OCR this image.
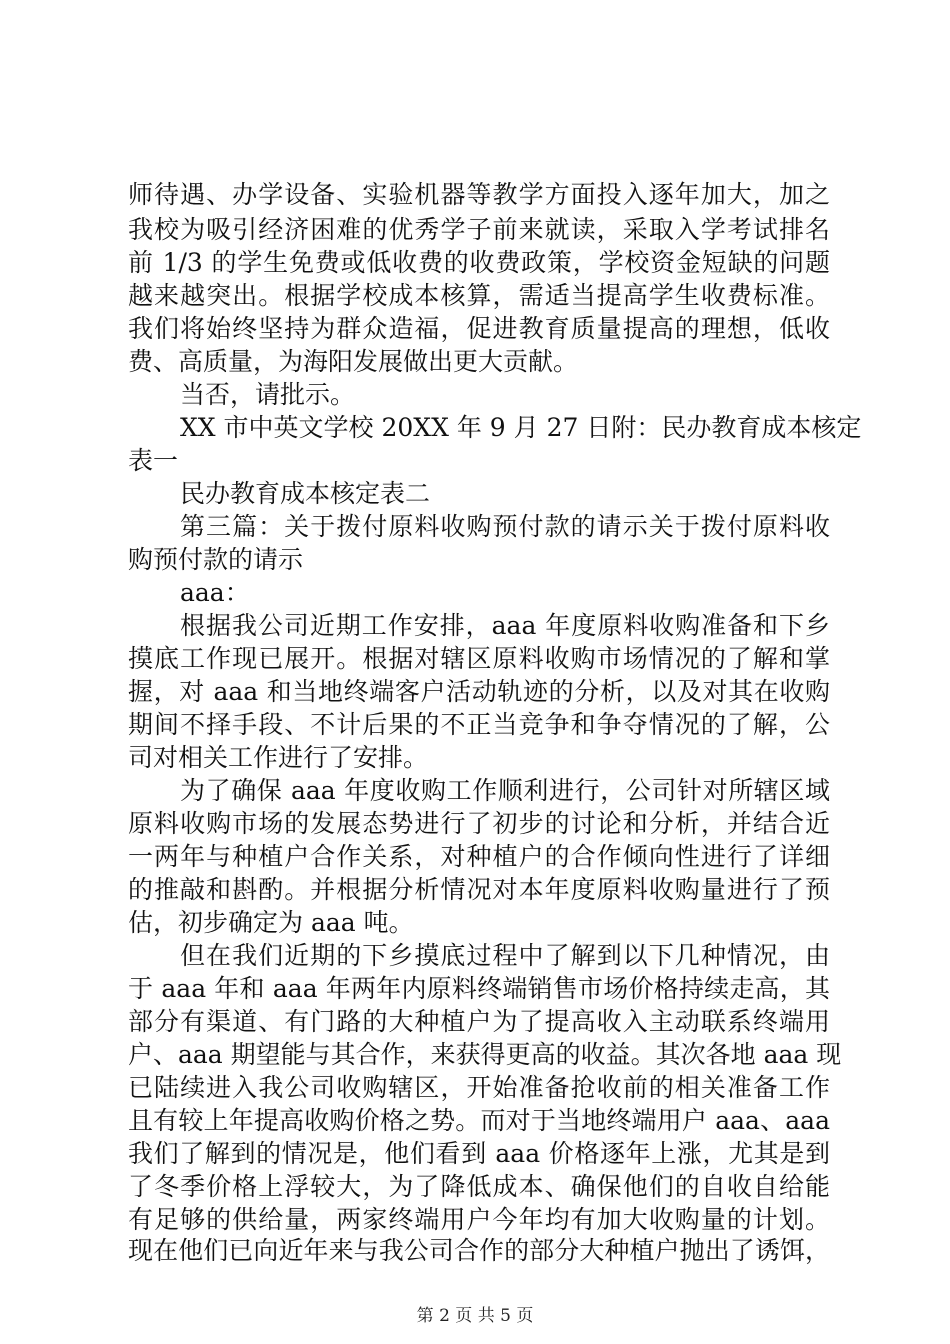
师待遇、办学设备、实验机器等教学方面投入逐年加大，加之
我校为吸引经济困难的优秀学子前来就读，采取入学考试排名
前 1/3 的学生免费或低收费的收费政策，学校资金短缺的问题
越来越突出。根据学校成本核算，需适当提高学生收费标准。
我们将始终坚持为群众造福，促进教育质量提高的理想，低收
费、高质量，为海阳发展做出更大贡献。
当否，请批示。
XX 市中英文学校 20XX 年 9 月 27 日附：民办教育成本核定
表一
民办教育成本核定表二
第三篇：关于拨付原料收购预付款的请示关于拨付原料收
购预付款的请示
aaa：
根据我公司近期工作安排，aaa 年度原料收购准备和下乡
摸底工作现已展开。根据对辖区原料收购市场情况的了解和掌
握，对 aaa 和当地终端客户活动轨迹的分析，以及对其在收购
期间不择手段、不计后果的不正当竞争和争夺情况的了解，公
司对相关工作进行了安排。
为了确保 aaa 年度收购工作顺利进行，公司针对所辖区域
原料收购市场的发展态势进行了初步的讨论和分析，并结合近
一两年与种植户合作关系，对种植户的合作倾向性进行了详细
的推敲和斟酌。并根据分析情况对本年度原料收购量进行了预
估，初步确定为 aaa 吨。
但在我们近期的下乡摸底过程中了解到以下几种情况，由
于 aaa 年和 aaa 年两年内原料终端销售市场价格持续走高，其
部分有渠道、有门路的大种植户为了提高收入主动联系终端用
户、aaa 期望能与其合作，来获得更高的收益。其次各地 aaa 现
已陆续进入我公司收购辖区，开始准备抢收前的相关准备工作
且有较上年提高收购价格之势。而对于当地终端用户 aaa、aaa
我们了解到的情况是，他们看到 aaa 价格逐年上涨，尤其是到
了冬季价格上浮较大，为了降低成本、确保他们的自收自给能
有足够的供给量，两家终端用户今年均有加大收购量的计划。
现在他们已向近年来与我公司合作的部分大种植户抛出了诱饵，
第 2 页 共 5 页
